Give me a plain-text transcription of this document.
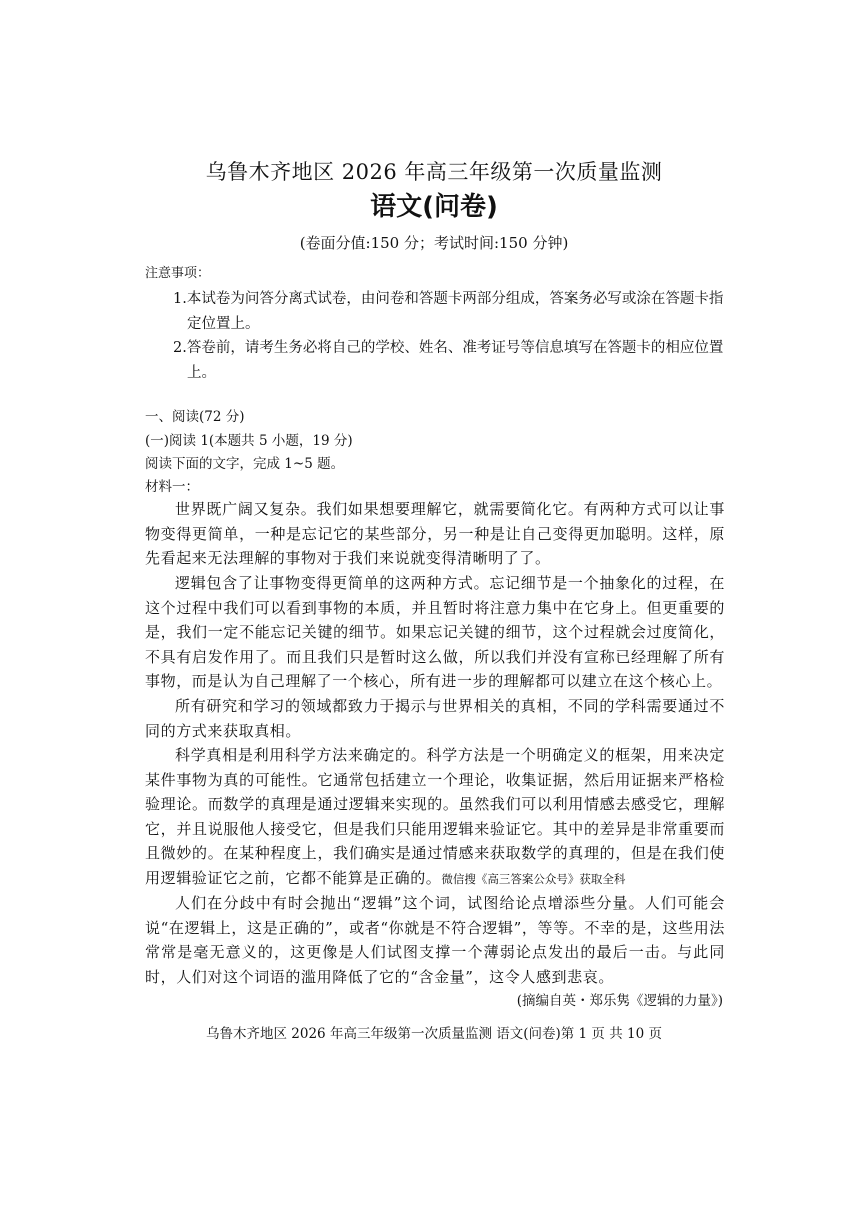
乌鲁木齐地区 2026 年高三年级第一次质量监测
语文(问卷)
(卷面分值:150 分；考试时间:150 分钟)
注意事项：
1.本试卷为问答分离式试卷，由问卷和答题卡两部分组成，答案务必写或涂在答题卡指定位置上。
2.答卷前，请考生务必将自己的学校、姓名、准考证号等信息填写在答题卡的相应位置上。
一、阅读(72 分)
(一)阅读 1(本题共 5 小题，19 分)
阅读下面的文字，完成 1~5 题。
材料一：
世界既广阔又复杂。我们如果想要理解它，就需要简化它。有两种方式可以让事物变得更简单，一种是忘记它的某些部分，另一种是让自己变得更加聪明。这样，原先看起来无法理解的事物对于我们来说就变得清晰明了了。
逻辑包含了让事物变得更简单的这两种方式。忘记细节是一个抽象化的过程，在这个过程中我们可以看到事物的本质，并且暂时将注意力集中在它身上。但更重要的是，我们一定不能忘记关键的细节。如果忘记关键的细节，这个过程就会过度简化，不具有启发作用了。而且我们只是暂时这么做，所以我们并没有宣称已经理解了所有事物，而是认为自己理解了一个核心，所有进一步的理解都可以建立在这个核心上。
所有研究和学习的领域都致力于揭示与世界相关的真相，不同的学科需要通过不同的方式来获取真相。
科学真相是利用科学方法来确定的。科学方法是一个明确定义的框架，用来决定某件事物为真的可能性。它通常包括建立一个理论，收集证据，然后用证据来严格检验理论。而数学的真理是通过逻辑来实现的。虽然我们可以利用情感去感受它，理解它，并且说服他人接受它，但是我们只能用逻辑来验证它。其中的差异是非常重要而且微妙的。在某种程度上，我们确实是通过情感来获取数学的真理的，但是在我们使用逻辑验证它之前，它都不能算是正确的。微信搜《高三答案公众号》获取全科
人们在分歧中有时会抛出“逻辑”这个词，试图给论点增添些分量。人们可能会说“在逻辑上，这是正确的”，或者“你就是不符合逻辑”，等等。不幸的是，这些用法常常是毫无意义的，这更像是人们试图支撑一个薄弱论点发出的最后一击。与此同时，人们对这个词语的滥用降低了它的“含金量”，这令人感到悲哀。
(摘编自英・郑乐隽《逻辑的力量》)
乌鲁木齐地区 2026 年高三年级第一次质量监测 语文(问卷)第 1 页 共 10 页
